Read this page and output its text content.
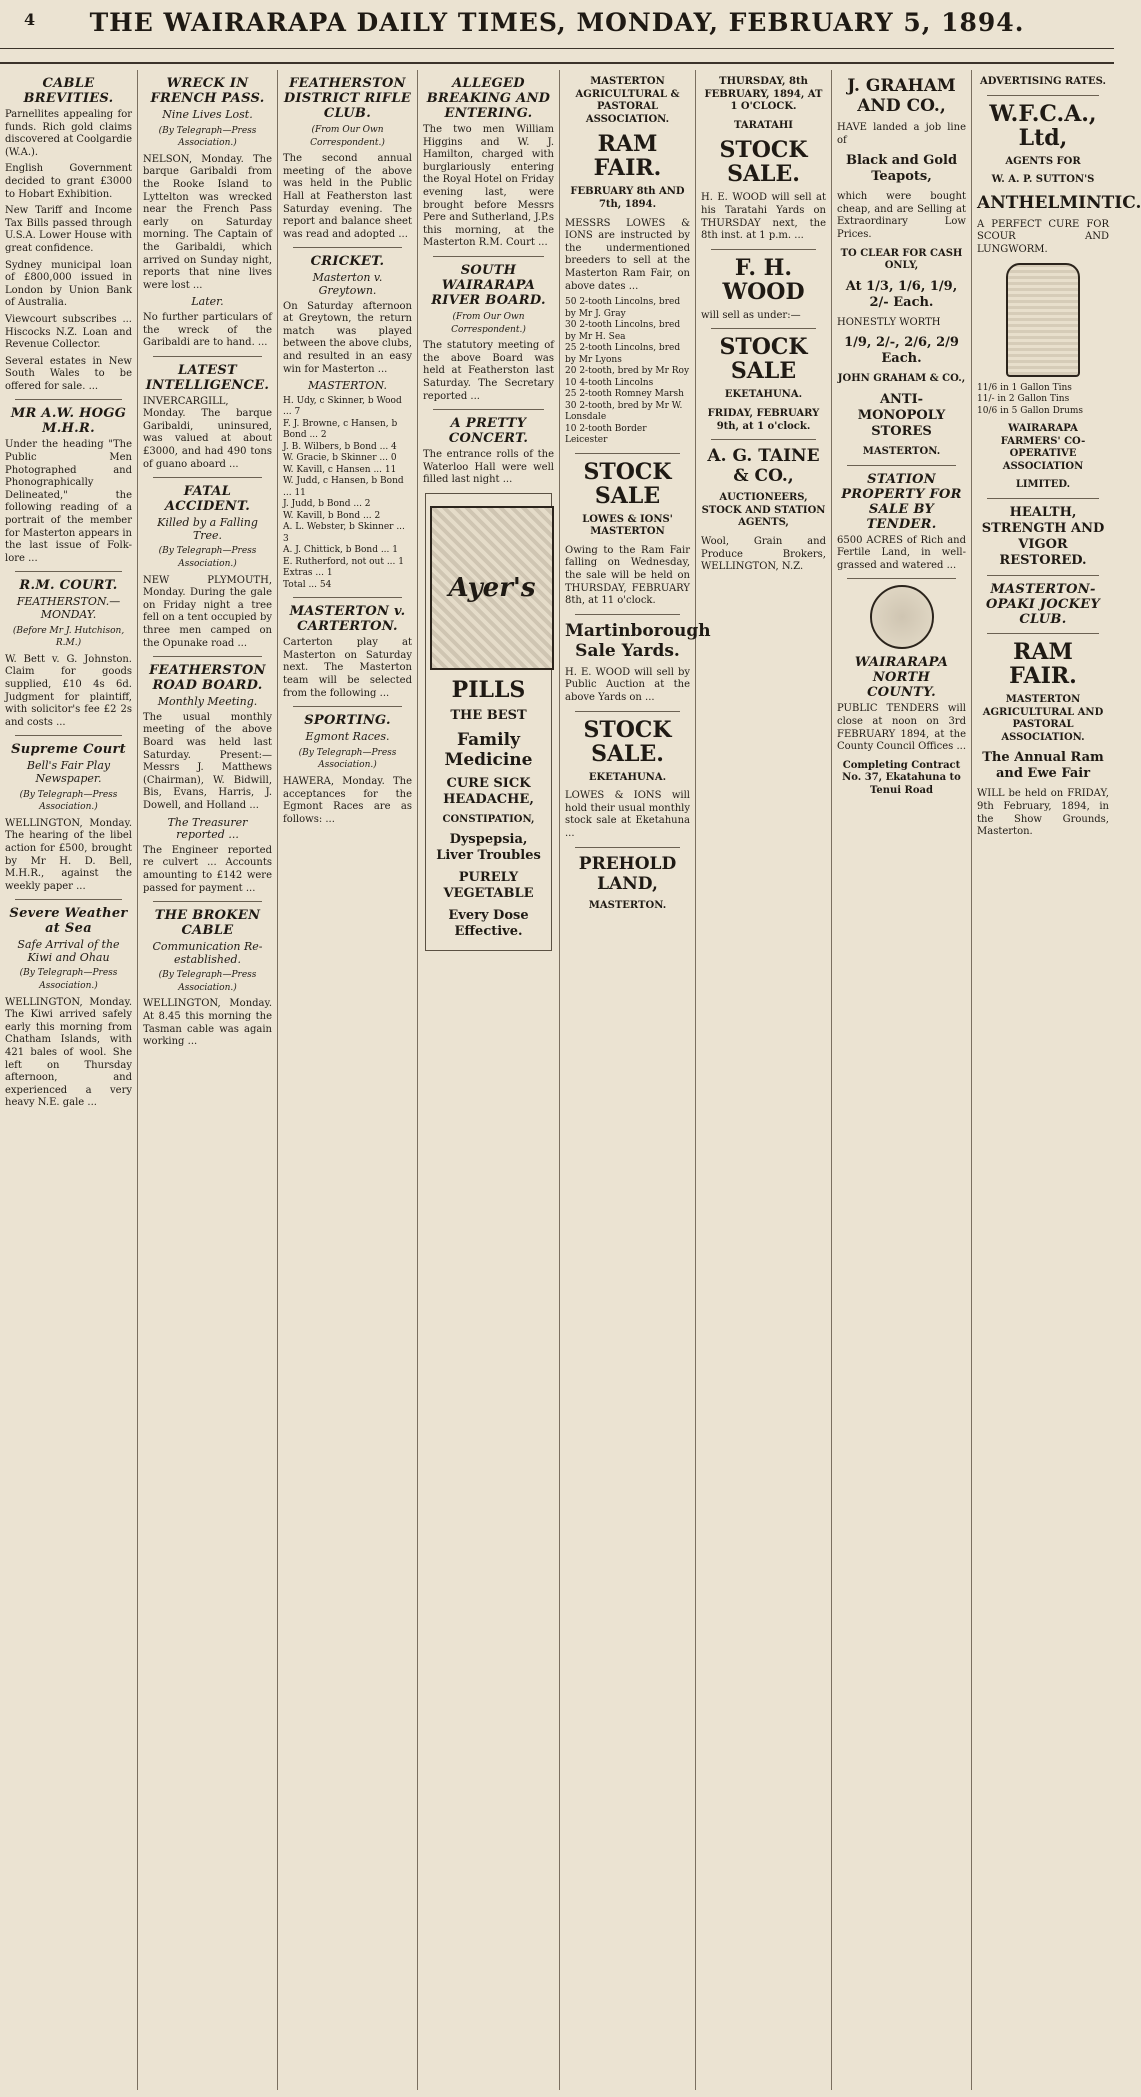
4	THE WAIRARAPA DAILY TIMES, MONDAY, FEBRUARY 5, 1894.
CABLE BREVITIES.

Parnellites appealing for funds. Rich gold claims discovered at Coolgardie (W.A.).

English Government decided to grant £3000 to Hobart Exhibition.

New Tariff and Income Tax Bills passed through U.S.A. Lower House with great confidence.

Sydney municipal loan of £800,000 issued in London by Union Bank of Australia.

Viewcourt subscribes ... Hiscocks N.Z. Loan and Revenue Collector.

Several estates in New South Wales to be offered for sale. ...

MR A.W. HOGG M.H.R.

Under the heading "The Public Men Photographed and Phonographically Delineated," the following reading of a portrait of the member for Masterton appears in the last issue of Folk-lore ...

R.M. COURT.
FEATHERSTON.—MONDAY.
(Before Mr J. Hutchison, R.M.)

W. Bett v. G. Johnston. Claim for goods supplied, £10 4s 6d. Judgment for plaintiff, with solicitor's fee £2 2s and costs ...

Supreme Court
Bell's Fair Play Newspaper.
(By Telegraph—Press Association.)

WELLINGTON, Monday. The hearing of the libel action for £500, brought by Mr H. D. Bell, M.H.R., against the weekly paper ...

Severe Weather at Sea
Safe Arrival of the Kiwi and Ohau
(By Telegraph—Press Association.)

WELLINGTON, Monday. The Kiwi arrived safely early this morning from Chatham Islands, with 421 bales of wool. She left on Thursday afternoon, and experienced a very heavy N.E. gale ...

WRECK IN FRENCH PASS.
Nine Lives Lost.
(By Telegraph—Press Association.)

NELSON, Monday. The barque Garibaldi from the Rooke Island to Lyttelton was wrecked near the French Pass early on Saturday morning. The Captain of the Garibaldi, which arrived on Sunday night, reports that nine lives were lost ...

Later.

No further particulars of the wreck of the Garibaldi are to hand. ...

LATEST INTELLIGENCE.

INVERCARGILL, Monday. The barque Garibaldi, uninsured, was valued at about £3000, and had 490 tons of guano aboard ...

FATAL ACCIDENT.
Killed by a Falling Tree.
(By Telegraph—Press Association.)

NEW PLYMOUTH, Monday. During the gale on Friday night a tree fell on a tent occupied by three men camped on the Opunake road ...

FEATHERSTON ROAD BOARD.
Monthly Meeting.

The usual monthly meeting of the above Board was held last Saturday. Present:—Messrs J. Matthews (Chairman), W. Bidwill, Bis, Evans, Harris, J. Dowell, and Holland ...

The Treasurer reported ...

The Engineer reported re culvert ... Accounts amounting to £142 were passed for payment ...

THE BROKEN CABLE
Communication Re-established.
(By Telegraph—Press Association.)

WELLINGTON, Monday. At 8.45 this morning the Tasman cable was again working ...

FEATHERSTON DISTRICT RIFLE CLUB.
(From Our Own Correspondent.)

The second annual meeting of the above was held in the Public Hall at Featherston last Saturday evening. The report and balance sheet was read and adopted ...

CRICKET.
Masterton v. Greytown.

On Saturday afternoon at Greytown, the return match was played between the above clubs, and resulted in an easy win for Masterton ...

MASTERTON.
H. Udy, c Skinner, b Wood ... 7
F. J. Browne, c Hansen, b Bond ... 2
J. B. Wilbers, b Bond ... 4
W. Gracie, b Skinner ... 0
W. Kavill, c Hansen ... 11
W. Judd, c Hansen, b Bond ... 11
J. Judd, b Bond ... 2
W. Kavill, b Bond ... 2
A. L. Webster, b Skinner ... 3
A. J. Chittick, b Bond ... 1
E. Rutherford, not out ... 1
Extras ... 1
Total ... 54
MASTERTON v. CARTERTON.

Carterton play at Masterton on Saturday next. The Masterton team will be selected from the following ...

SPORTING.
Egmont Races.
(By Telegraph—Press Association.)

HAWERA, Monday. The acceptances for the Egmont Races are as follows: ...

ALLEGED BREAKING AND ENTERING.

The two men William Higgins and W. J. Hamilton, charged with burglariously entering the Royal Hotel on Friday evening last, were brought before Messrs Pere and Sutherland, J.P.s this morning, at the Masterton R.M. Court ...

SOUTH WAIRARAPA RIVER BOARD.
(From Our Own Correspondent.)

The statutory meeting of the above Board was held at Featherston last Saturday. The Secretary reported ...

A PRETTY CONCERT.

The entrance rolls of the Waterloo Hall were well filled last night ...

Ayer's
PILLS
THE BEST
Family Medicine
CURE SICK HEADACHE,
CONSTIPATION,
Dyspepsia, Liver Troubles
PURELY VEGETABLE
Every Dose Effective.
MASTERTON AGRICULTURAL & PASTORAL ASSOCIATION.
RAM FAIR.
FEBRUARY 8th AND 7th, 1894.

MESSRS LOWES & IONS are instructed by the undermentioned breeders to sell at the Masterton Ram Fair, on above dates ...

50 2-tooth Lincolns, bred by Mr J. Gray
30 2-tooth Lincolns, bred by Mr H. Sea
25 2-tooth Lincolns, bred by Mr Lyons
20 2-tooth, bred by Mr Roy
10 4-tooth Lincolns
25 2-tooth Romney Marsh
30 2-tooth, bred by Mr W. Lonsdale
10 2-tooth Border Leicester
STOCK SALE
LOWES & IONS' MASTERTON

Owing to the Ram Fair falling on Wednesday, the sale will be held on THURSDAY, FEBRUARY 8th, at 11 o'clock.

Martinborough Sale Yards.

H. E. WOOD will sell by Public Auction at the above Yards on ...

STOCK SALE.
EKETAHUNA.

LOWES & IONS will hold their usual monthly stock sale at Eketahuna ...

PREHOLD LAND,
MASTERTON.
THURSDAY, 8th FEBRUARY, 1894, AT 1 O'CLOCK.
TARATAHI
STOCK SALE.

H. E. WOOD will sell at his Taratahi Yards on THURSDAY next, the 8th inst. at 1 p.m. ...

F. H. WOOD

will sell as under:—

STOCK SALE
EKETAHUNA.
FRIDAY, FEBRUARY 9th, at 1 o'clock.
A. G. TAINE & CO.,
AUCTIONEERS, STOCK AND STATION AGENTS,

Wool, Grain and Produce Brokers, WELLINGTON, N.Z.

J. GRAHAM AND CO.,

HAVE landed a job line of

Black and Gold Teapots,

which were bought cheap, and are Selling at Extraordinary Low Prices.

TO CLEAR FOR CASH ONLY,
At 1/3, 1/6, 1/9, 2/- Each.

HONESTLY WORTH

1/9, 2/-, 2/6, 2/9 Each.
JOHN GRAHAM & CO.,
ANTI-MONOPOLY STORES
MASTERTON.
STATION PROPERTY FOR SALE BY TENDER.

6500 ACRES of Rich and Fertile Land, in well-grassed and watered ...

WAIRARAPA NORTH COUNTY.

PUBLIC TENDERS will close at noon on 3rd FEBRUARY 1894, at the County Council Offices ...

Completing Contract No. 37, Ekatahuna to Tenui Road
ADVERTISING RATES.
W.F.C.A., Ltd,
AGENTS FOR
W. A. P. SUTTON'S
ANTHELMINTIC.

A PERFECT CURE FOR SCOUR AND LUNGWORM.

11/6 in 1 Gallon Tins
11/- in 2 Gallon Tins
10/6 in 5 Gallon Drums
WAIRARAPA FARMERS' CO-OPERATIVE ASSOCIATION
LIMITED.
HEALTH, STRENGTH AND VIGOR RESTORED.
MASTERTON-OPAKI JOCKEY CLUB.
RAM FAIR.
MASTERTON AGRICULTURAL AND PASTORAL ASSOCIATION.
The Annual Ram and Ewe Fair

WILL be held on FRIDAY, 9th February, 1894, in the Show Grounds, Masterton.
